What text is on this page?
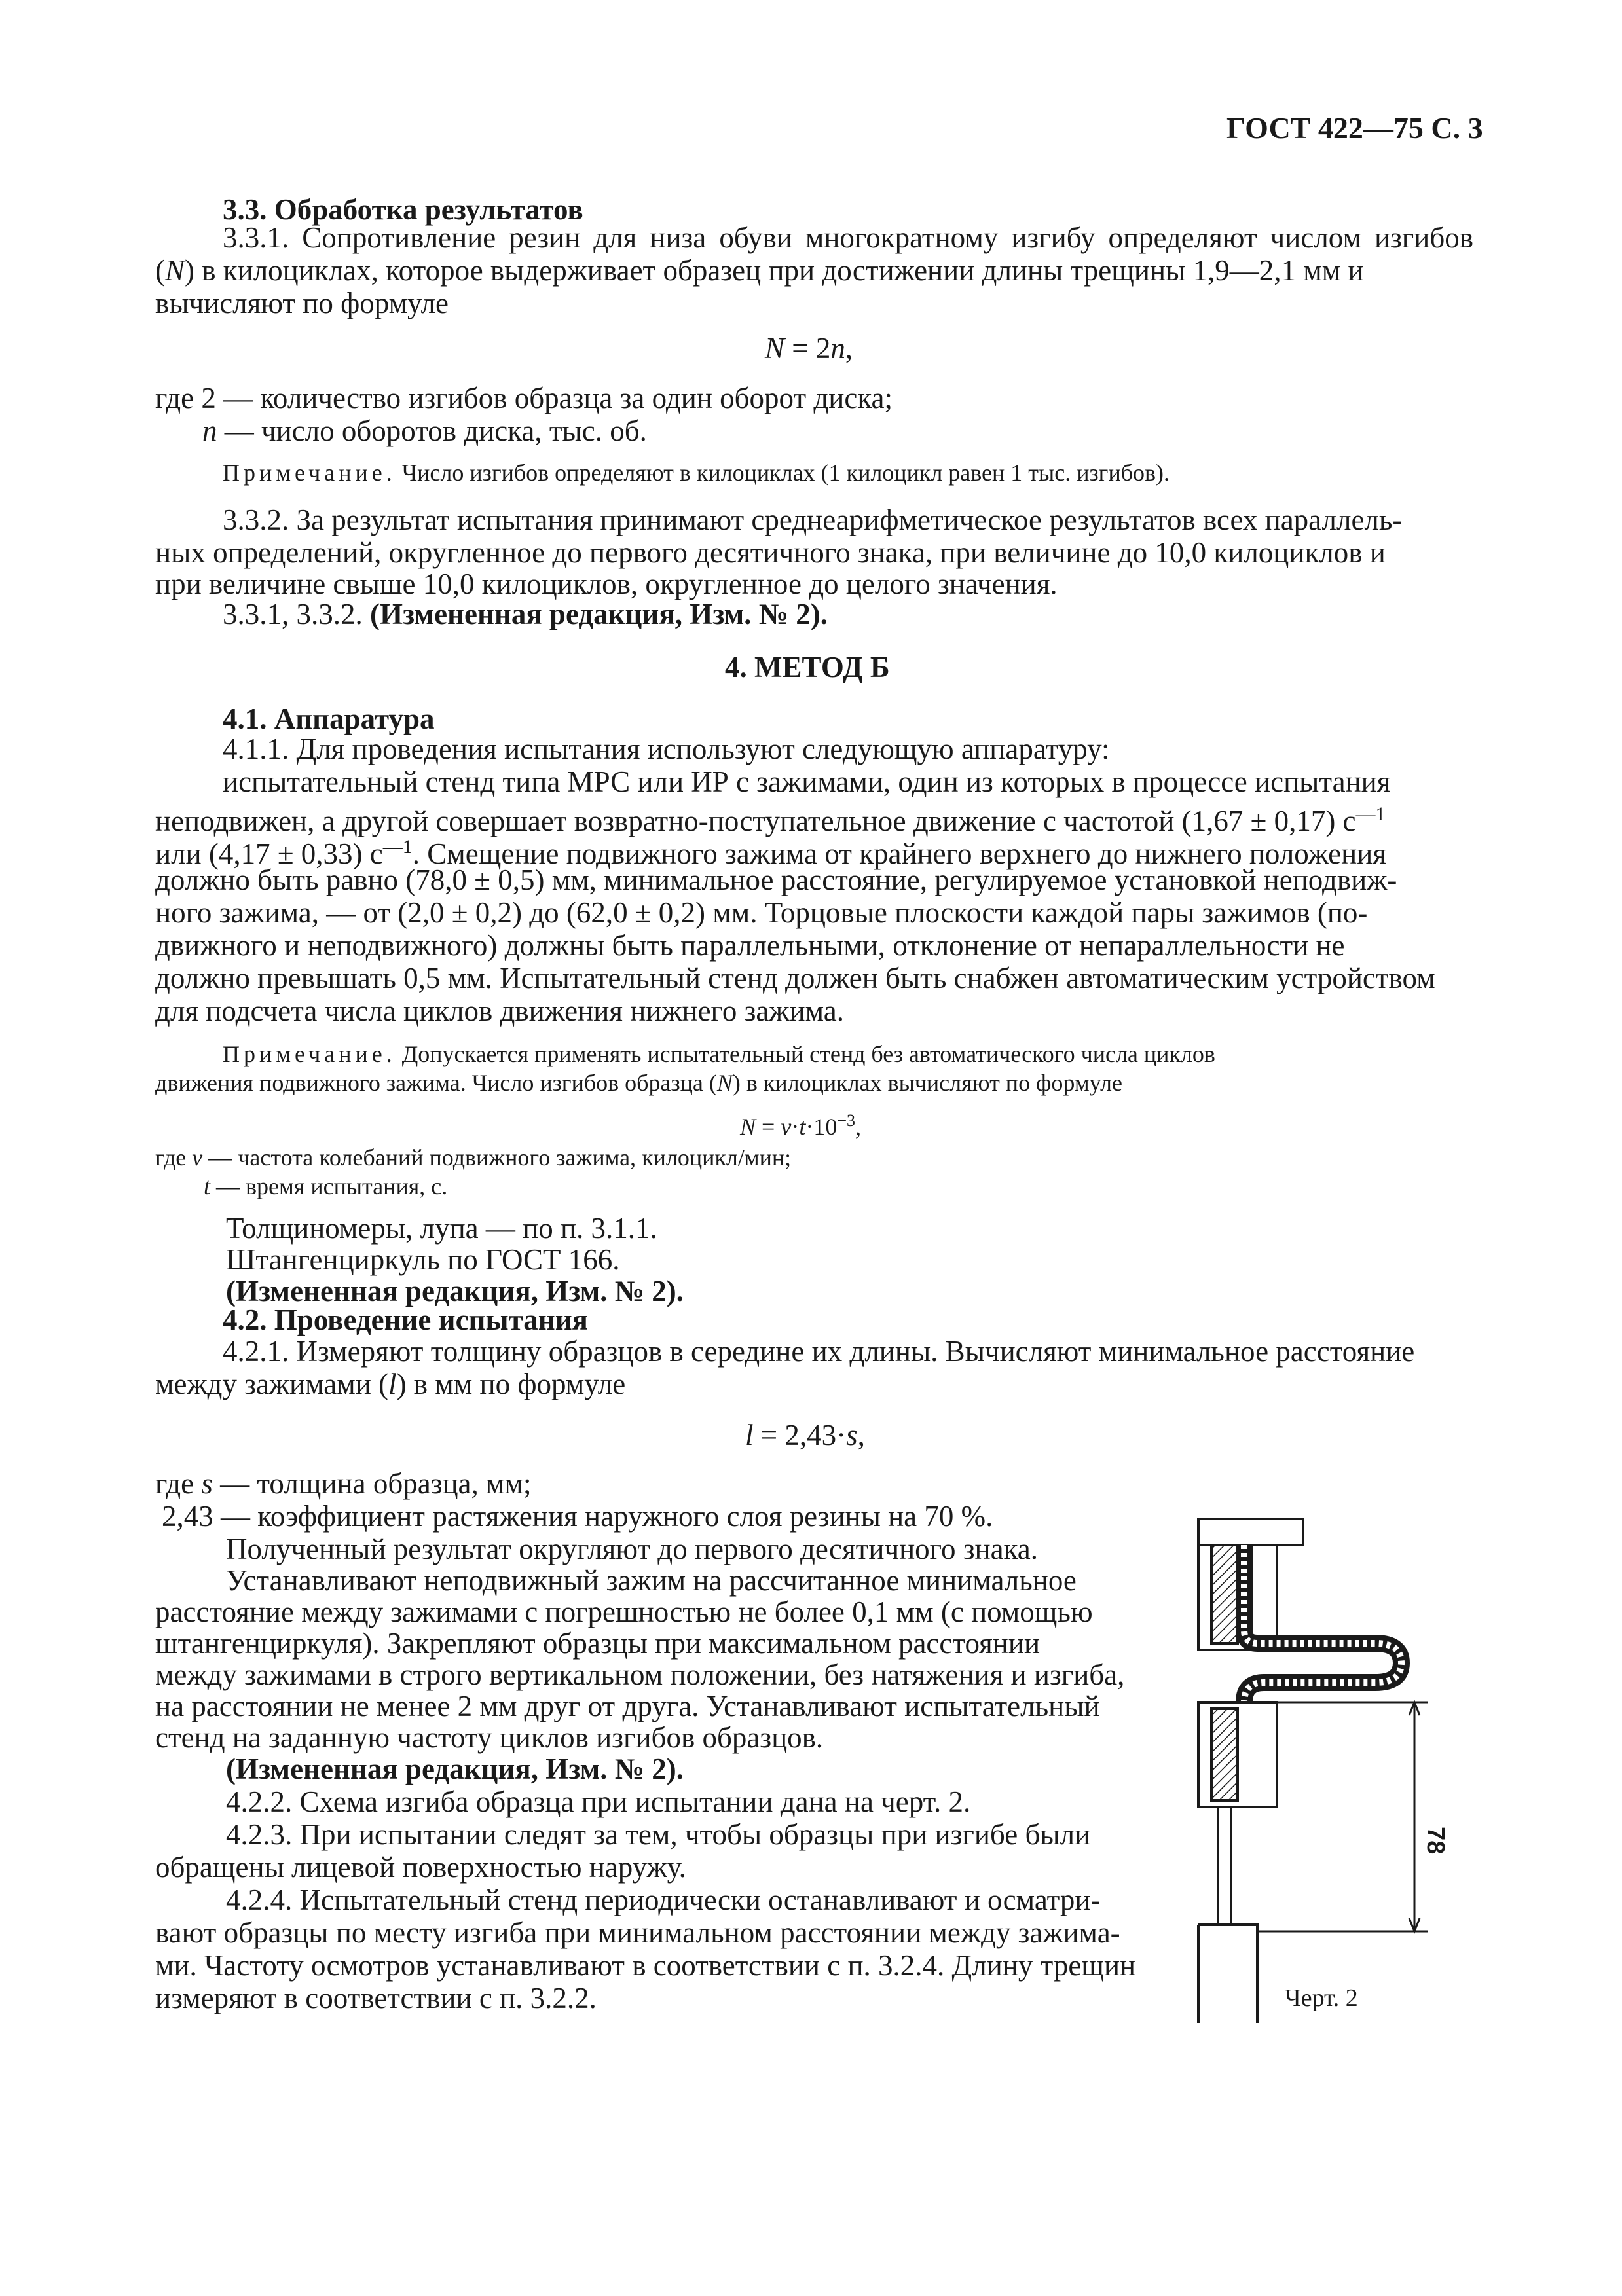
ГОСТ 422—75 С. 3
3.3. Обработка результатов
3.3.1. Сопротивление резин для низа обуви многократному изгибу определяют числом изгибов
(N) в килоциклах, которое выдерживает образец при достижении длины трещины 1,9—2,1 мм и
вычисляют по формуле
N = 2n,
где 2 — количество изгибов образца за один оборот диска;
n — число оборотов диска, тыс. об.
Примечание. Число изгибов определяют в килоциклах (1 килоцикл равен 1 тыс. изгибов).
3.3.2. За результат испытания принимают среднеарифметическое результатов всех параллель-
ных определений, округленное до первого десятичного знака, при величине до 10,0 килоциклов и
при величине свыше 10,0 килоциклов, округленное до целого значения.
3.3.1, 3.3.2. (Измененная редакция, Изм. № 2).
4. МЕТОД Б
4.1. Аппаратура
4.1.1. Для проведения испытания используют следующую аппаратуру:
испытательный стенд типа МРС или ИР с зажимами, один из которых в процессе испытания
неподвижен, а другой совершает возвратно-поступательное движение с частотой (1,67 ± 0,17) $с^{—1}$
или (4,17 ± 0,33) $с^{—1}$. Смещение подвижного зажима от крайнего верхнего до нижнего положения
должно быть равно (78,0 ± 0,5) мм, минимальное расстояние, регулируемое установкой неподвиж-
ного зажима, — от (2,0 ± 0,2) до (62,0 ± 0,2) мм. Торцовые плоскости каждой пары зажимов (по-
движного и неподвижного) должны быть параллельными, отклонение от непараллельности не
должно превышать 0,5 мм. Испытательный стенд должен быть снабжен автоматическим устройством
для подсчета числа циклов движения нижнего зажима.
Примечание. Допускается применять испытательный стенд без автоматического числа циклов
движения подвижного зажима. Число изгибов образца (N) в килоциклах вычисляют по формуле
$N = v\cdot t\cdot 10^{-3}$,
где v — частота колебаний подвижного зажима, килоцикл/мин;
t — время испытания, с.
Толщиномеры, лупа — по п. 3.1.1.
Штангенциркуль по ГОСТ 166.
(Измененная редакция, Изм. № 2).
4.2. Проведение испытания
4.2.1. Измеряют толщину образцов в середине их длины. Вычисляют минимальное расстояние
между зажимами (l) в мм по формуле
l = 2,43·s,
где s — толщина образца, мм;
2,43 — коэффициент растяжения наружного слоя резины на 70 %.
Полученный результат округляют до первого десятичного знака.
Устанавливают неподвижный зажим на рассчитанное минимальное
расстояние между зажимами с погрешностью не более 0,1 мм (с помощью
штангенциркуля). Закрепляют образцы при максимальном расстоянии
между зажимами в строго вертикальном положении, без натяжения и изгиба,
на расстоянии не менее 2 мм друг от друга. Устанавливают испытательный
стенд на заданную частоту циклов изгибов образцов.
(Измененная редакция, Изм. № 2).
4.2.2. Схема изгиба образца при испытании дана на черт. 2.
4.2.3. При испытании следят за тем, чтобы образцы при изгибе были
обращены лицевой поверхностью наружу.
4.2.4. Испытательный стенд периодически останавливают и осматри-
вают образцы по месту изгиба при минимальном расстоянии между зажима-
ми. Частоту осмотров устанавливают в соответствии с п. 3.2.4. Длину трещин
измеряют в соответствии с п. 3.2.2.
78
Черт. 2
